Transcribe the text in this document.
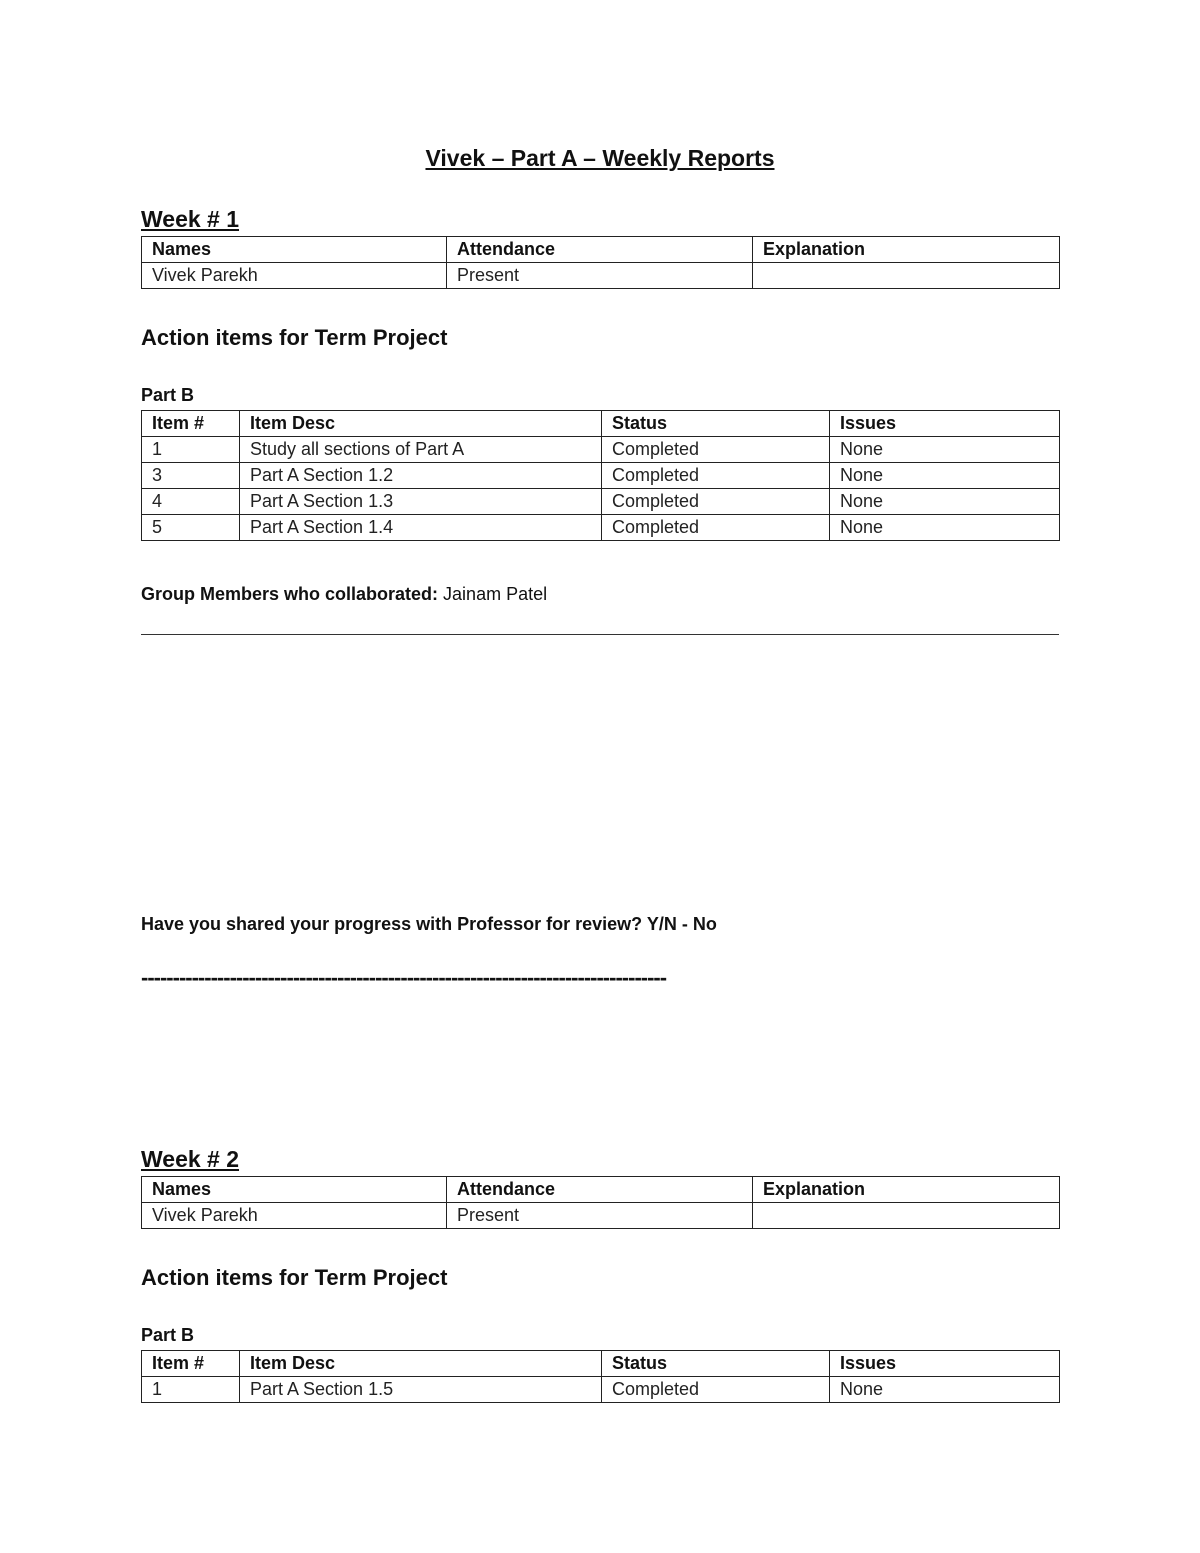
Vivek – Part A – Weekly Reports
Week # 1
Names	Attendance	Explanation
Vivek Parekh	Present	
Action items for Term Project
Part B
Item #	Item Desc	Status	Issues
1	Study all sections of Part A	Completed	None
3	Part A Section 1.2	Completed	None
4	Part A Section 1.3	Completed	None
5	Part A Section 1.4	Completed	None
Group Members who collaborated: Jainam Patel
Have you shared your progress with Professor for review? Y/N - No
-----------------------------------------------------------------------------------
Week # 2
Names	Attendance	Explanation
Vivek Parekh	Present	
Action items for Term Project
Part B
Item #	Item Desc	Status	Issues
1	Part A Section 1.5	Completed	None
